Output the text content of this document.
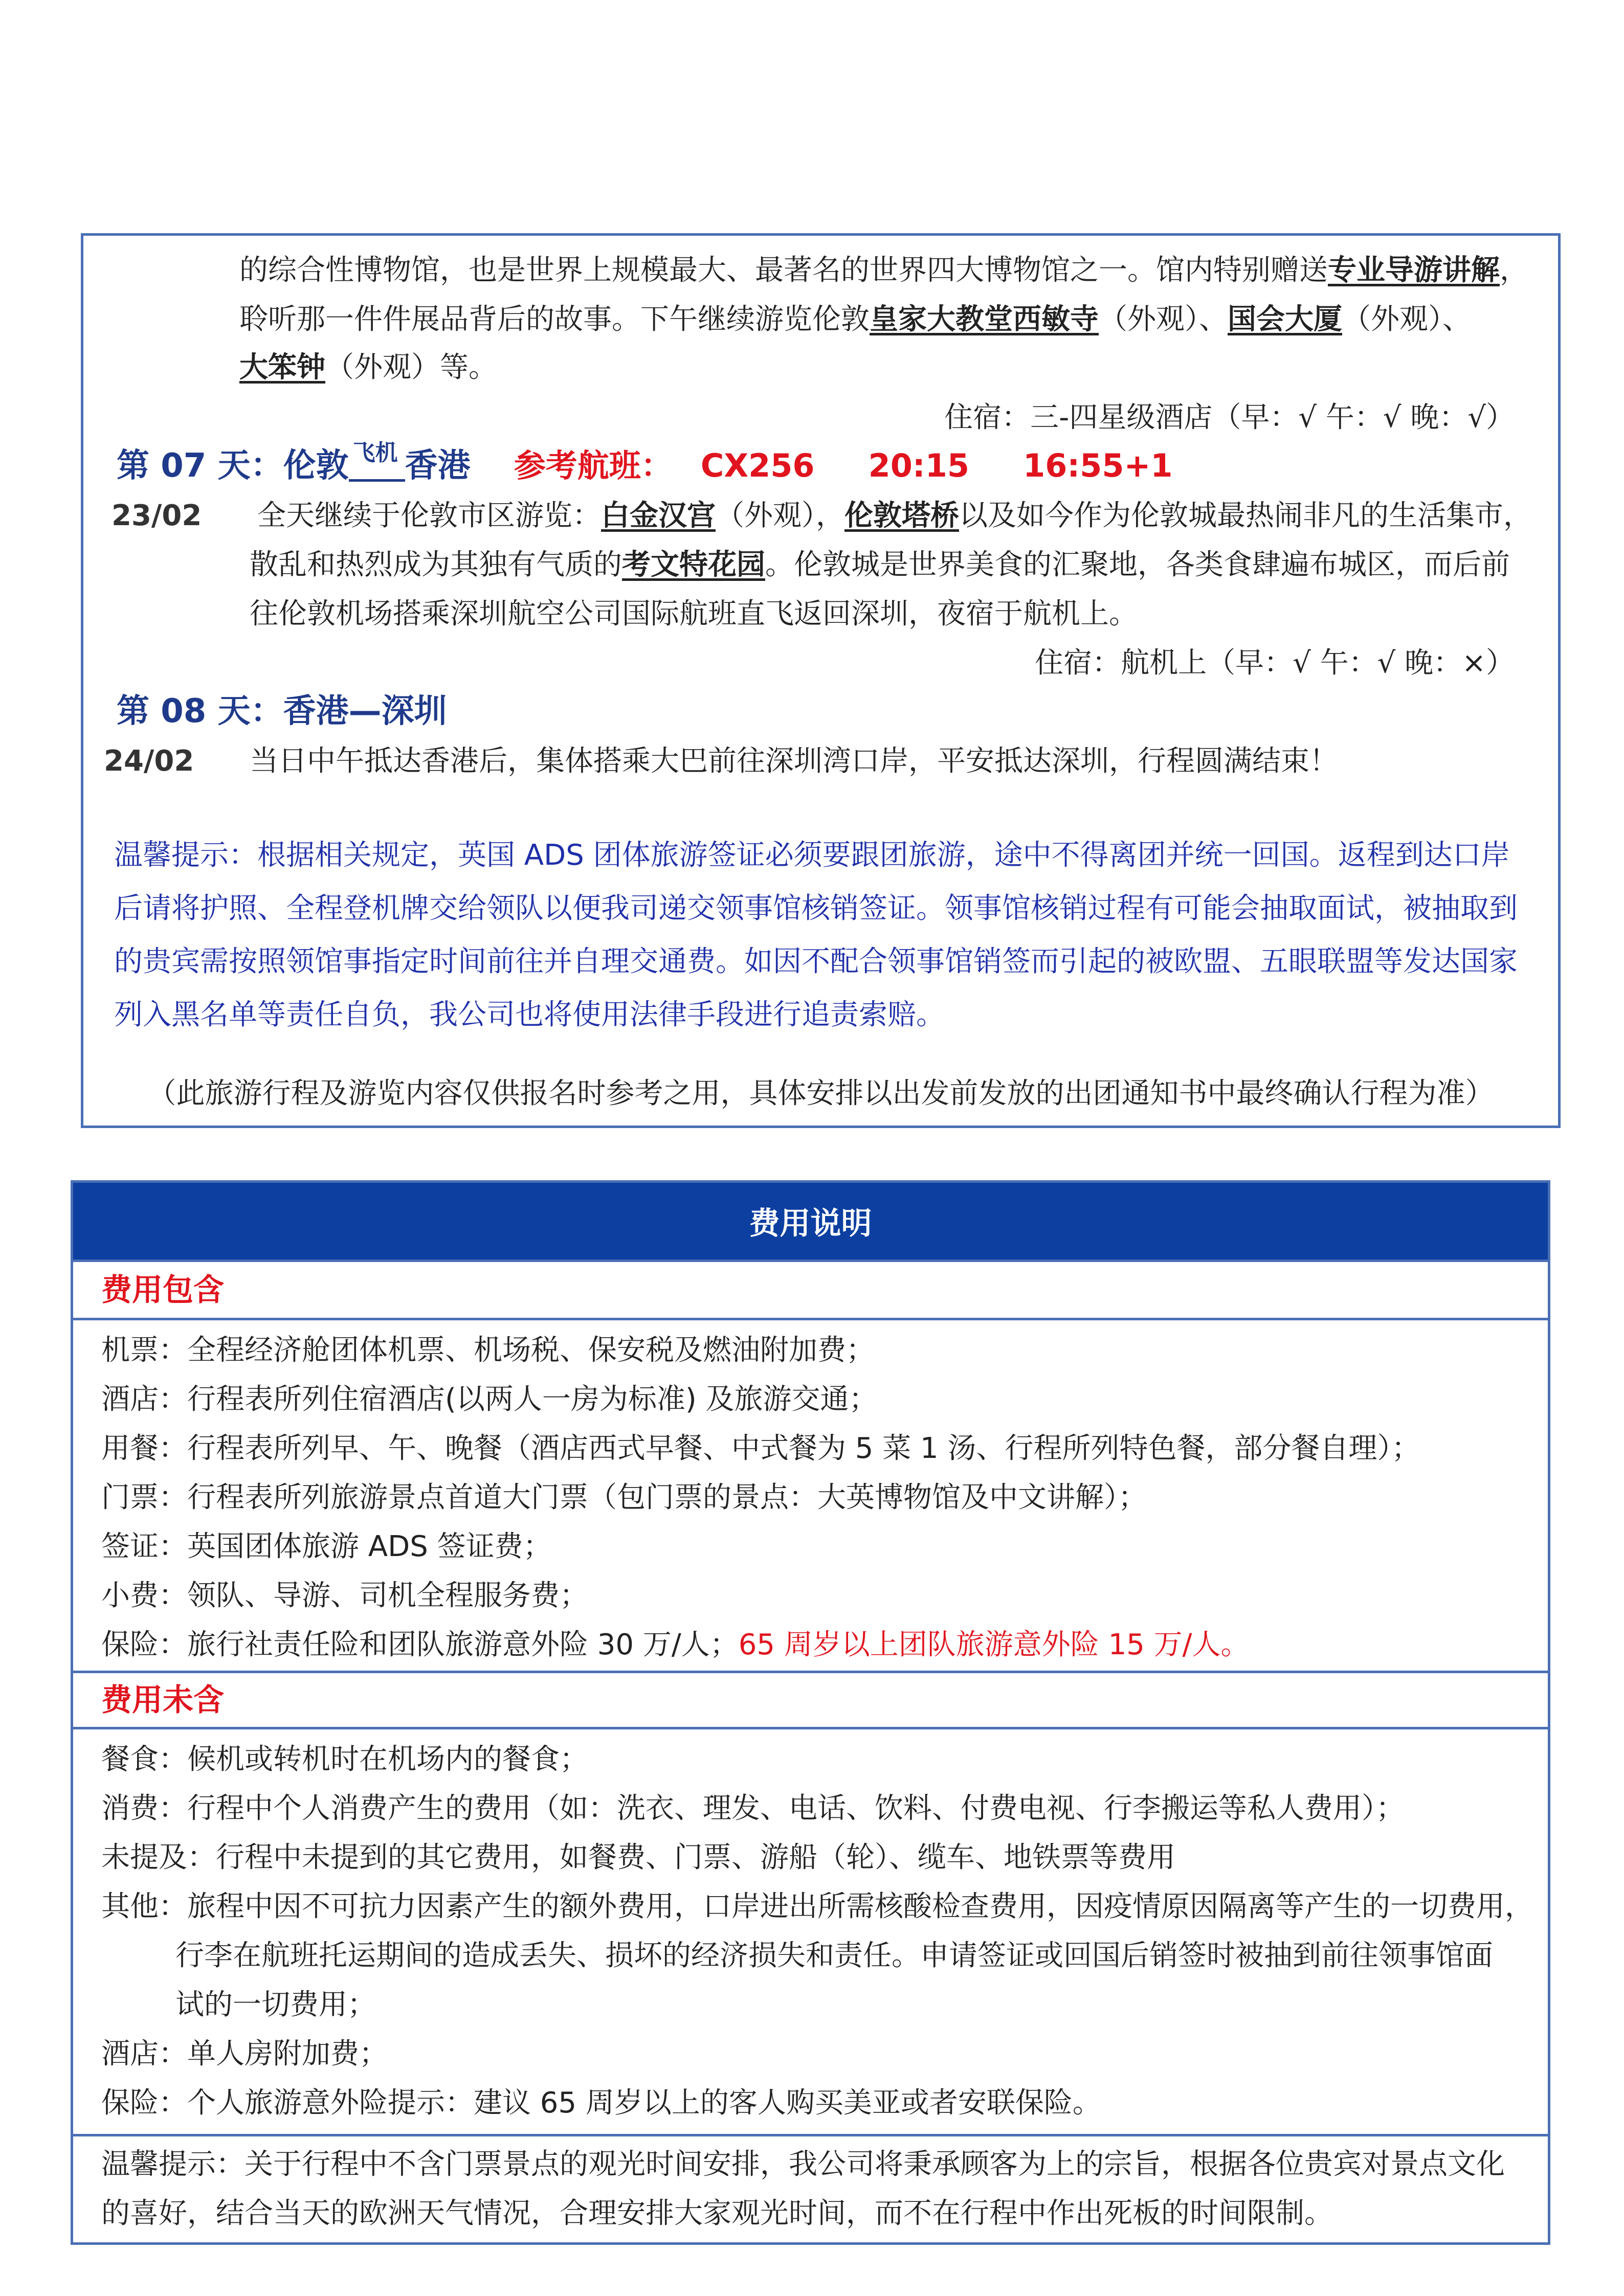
的综合性博物馆，也是世界上规模最大、最著名的世界四大博物馆之一。馆内特别赠送专业导游讲解，
聆听那一件件展品背后的故事。下午继续游览伦敦皇家大教堂西敏寺（外观）、国会大厦（外观）、
大笨钟（外观）等。
住宿：三-四星级酒店（早：√ 午：√ 晚：√）
第 07 天：伦敦 飞机 香港 参考航班： CX256 20:15 16:55+1
23/02 全天继续于伦敦市区游览：白金汉宫（外观），伦敦塔桥以及如今作为伦敦城最热闹非凡的生活集市，
散乱和热烈成为其独有气质的考文特花园。伦敦城是世界美食的汇聚地，各类食肆遍布城区，而后前
往伦敦机场搭乘深圳航空公司国际航班直飞返回深圳，夜宿于航机上。
住宿：航机上（早：√ 午：√ 晚：×）
第 08 天：香港—深圳
24/02 当日中午抵达香港后，集体搭乘大巴前往深圳湾口岸，平安抵达深圳，行程圆满结束！
温馨提示：根据相关规定，英国 ADS 团体旅游签证必须要跟团旅游，途中不得离团并统一回国。返程到达口岸
后请将护照、全程登机牌交给领队以便我司递交领事馆核销签证。领事馆核销过程有可能会抽取面试，被抽取到
的贵宾需按照领馆事指定时间前往并自理交通费。如因不配合领事馆销签而引起的被欧盟、五眼联盟等发达国家
列入黑名单等责任自负，我公司也将使用法律手段进行追责索赔。
（此旅游行程及游览内容仅供报名时参考之用，具体安排以出发前发放的出团通知书中最终确认行程为准）
费用说明
费用包含
机票：全程经济舱团体机票、机场税、保安税及燃油附加费；
酒店：行程表所列住宿酒店(以两人一房为标准) 及旅游交通；
用餐：行程表所列早、午、晚餐（酒店西式早餐、中式餐为 5 菜 1 汤、行程所列特色餐，部分餐自理）；
门票：行程表所列旅游景点首道大门票（包门票的景点：大英博物馆及中文讲解）；
签证：英国团体旅游 ADS 签证费；
小费：领队、导游、司机全程服务费；
保险：旅行社责任险和团队旅游意外险 30 万/人；65 周岁以上团队旅游意外险 15 万/人。
费用未含
餐食：候机或转机时在机场内的餐食；
消费：行程中个人消费产生的费用（如：洗衣、理发、电话、饮料、付费电视、行李搬运等私人费用）；
未提及：行程中未提到的其它费用，如餐费、门票、游船（轮）、缆车、地铁票等费用
其他：旅程中因不可抗力因素产生的额外费用，口岸进出所需核酸检查费用，因疫情原因隔离等产生的一切费用，
行李在航班托运期间的造成丢失、损坏的经济损失和责任。申请签证或回国后销签时被抽到前往领事馆面
试的一切费用；
酒店：单人房附加费；
保险：个人旅游意外险提示：建议 65 周岁以上的客人购买美亚或者安联保险。
温馨提示：关于行程中不含门票景点的观光时间安排，我公司将秉承顾客为上的宗旨，根据各位贵宾对景点文化
的喜好，结合当天的欧洲天气情况，合理安排大家观光时间，而不在行程中作出死板的时间限制。
